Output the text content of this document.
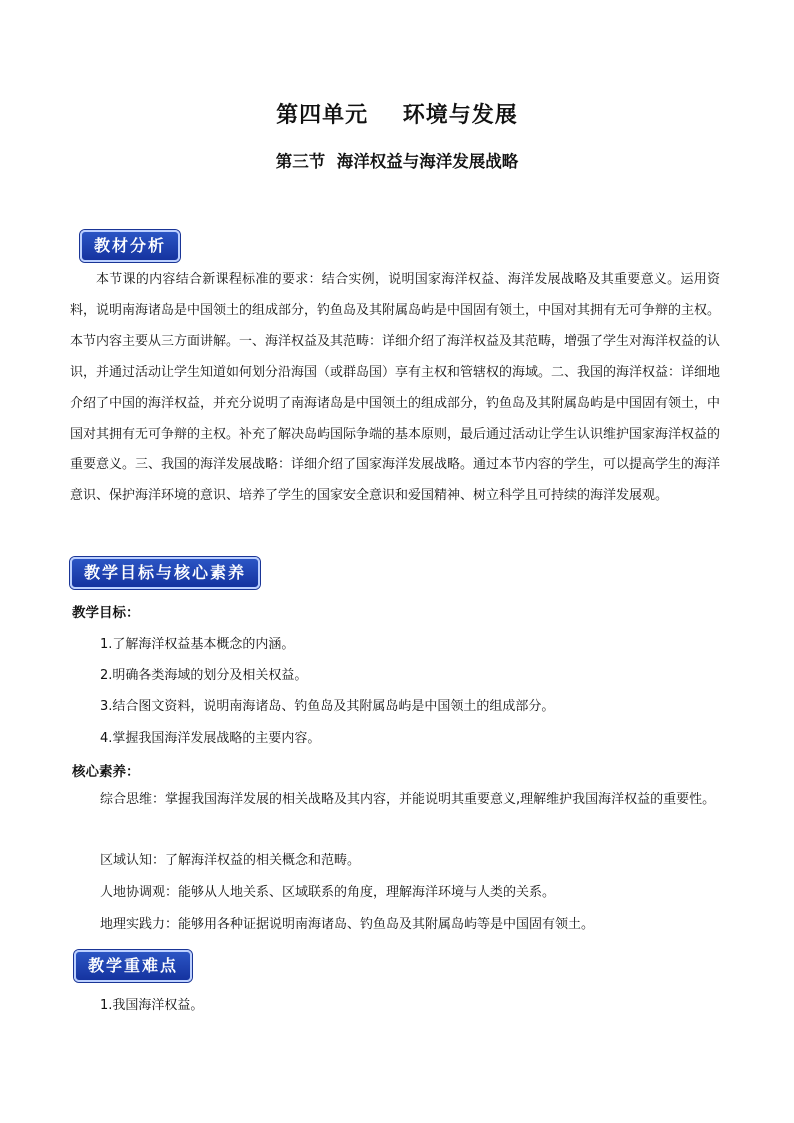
第四单元    环境与发展
第三节  海洋权益与海洋发展战略
教材分析
本节课的内容结合新课程标准的要求：结合实例，说明国家海洋权益、海洋发展战略及其重要意义。运用资料，说明南海诸岛是中国领土的组成部分，钓鱼岛及其附属岛屿是中国固有领土，中国对其拥有无可争辩的主权。本节内容主要从三方面讲解。一、海洋权益及其范畴：详细介绍了海洋权益及其范畴，增强了学生对海洋权益的认识，并通过活动让学生知道如何划分沿海国（或群岛国）享有主权和管辖权的海域。二、我国的海洋权益：详细地介绍了中国的海洋权益，并充分说明了南海诸岛是中国领土的组成部分，钓鱼岛及其附属岛屿是中国固有领土，中国对其拥有无可争辩的主权。补充了解决岛屿国际争端的基本原则，最后通过活动让学生认识维护国家海洋权益的重要意义。三、我国的海洋发展战略：详细介绍了国家海洋发展战略。通过本节内容的学生，可以提高学生的海洋意识、保护海洋环境的意识、培养了学生的国家安全意识和爱国精神、树立科学且可持续的海洋发展观。
教学目标与核心素养
教学目标：
1.了解海洋权益基本概念的内涵。
2.明确各类海域的划分及相关权益。
3.结合图文资料，说明南海诸岛、钓鱼岛及其附属岛屿是中国领土的组成部分。
4.掌握我国海洋发展战略的主要内容。
核心素养：
综合思维：掌握我国海洋发展的相关战略及其内容，并能说明其重要意义,理解维护我国海洋权益的重要性。
区域认知：了解海洋权益的相关概念和范畴。
人地协调观：能够从人地关系、区域联系的角度，理解海洋环境与人类的关系。
地理实践力：能够用各种证据说明南海诸岛、钓鱼岛及其附属岛屿等是中国固有领土。
教学重难点
1.我国海洋权益。
